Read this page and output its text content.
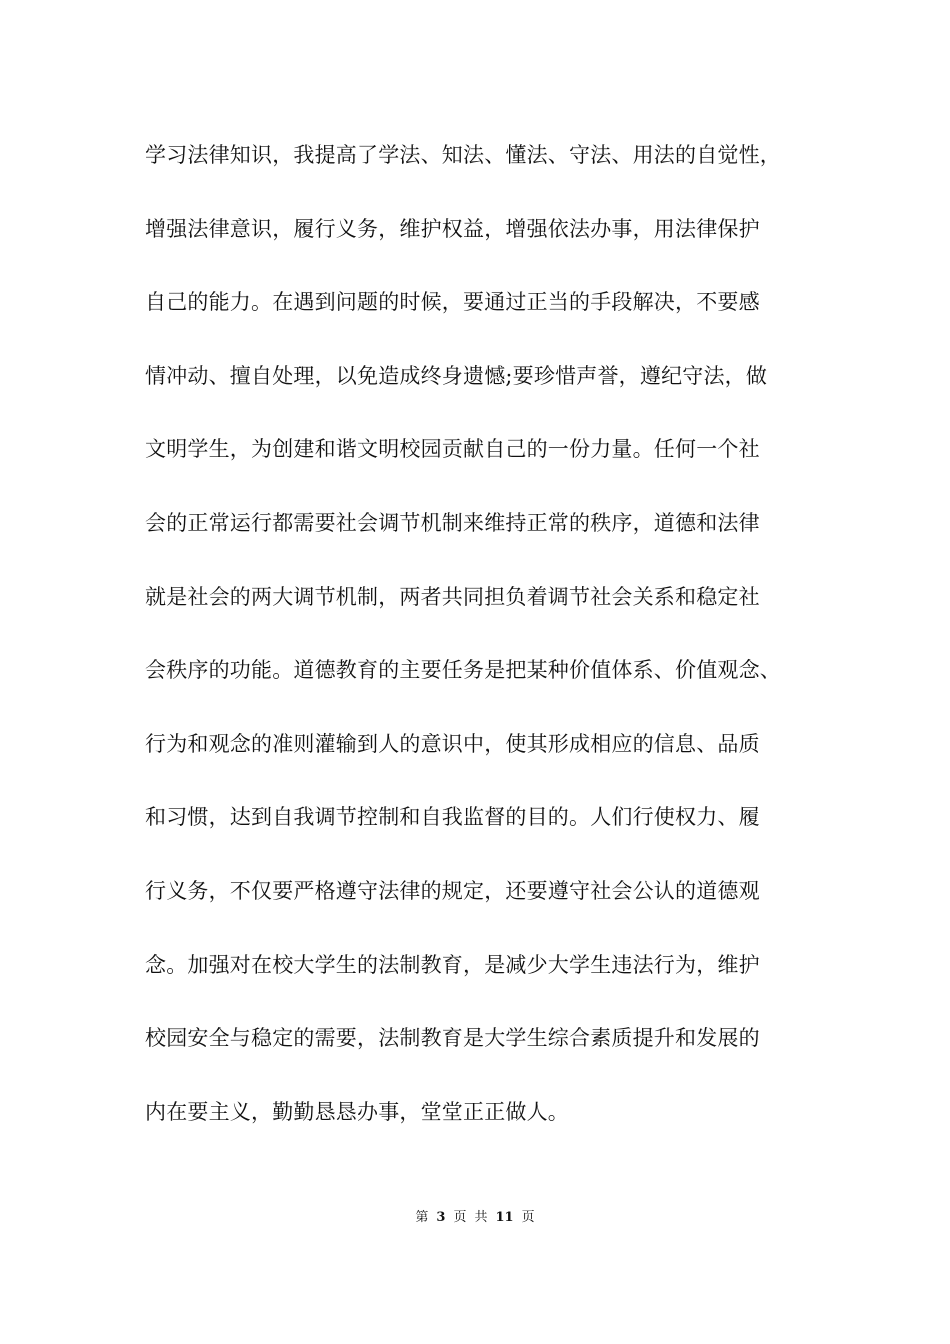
学习法律知识，我提高了学法、知法、懂法、守法、用法的自觉性，
增强法律意识，履行义务，维护权益，增强依法办事，用法律保护
自己的能力。在遇到问题的时候，要通过正当的手段解决，不要感
情冲动、擅自处理，以免造成终身遗憾;要珍惜声誉，遵纪守法，做
文明学生，为创建和谐文明校园贡献自己的一份力量。任何一个社
会的正常运行都需要社会调节机制来维持正常的秩序，道德和法律
就是社会的两大调节机制，两者共同担负着调节社会关系和稳定社
会秩序的功能。道德教育的主要任务是把某种价值体系、价值观念、
行为和观念的准则灌输到人的意识中，使其形成相应的信息、品质
和习惯，达到自我调节控制和自我监督的目的。人们行使权力、履
行义务，不仅要严格遵守法律的规定，还要遵守社会公认的道德观
念。加强对在校大学生的法制教育，是减少大学生违法行为，维护
校园安全与稳定的需要，法制教育是大学生综合素质提升和发展的
内在要主义，勤勤恳恳办事，堂堂正正做人。
第 3 页 共 11 页
